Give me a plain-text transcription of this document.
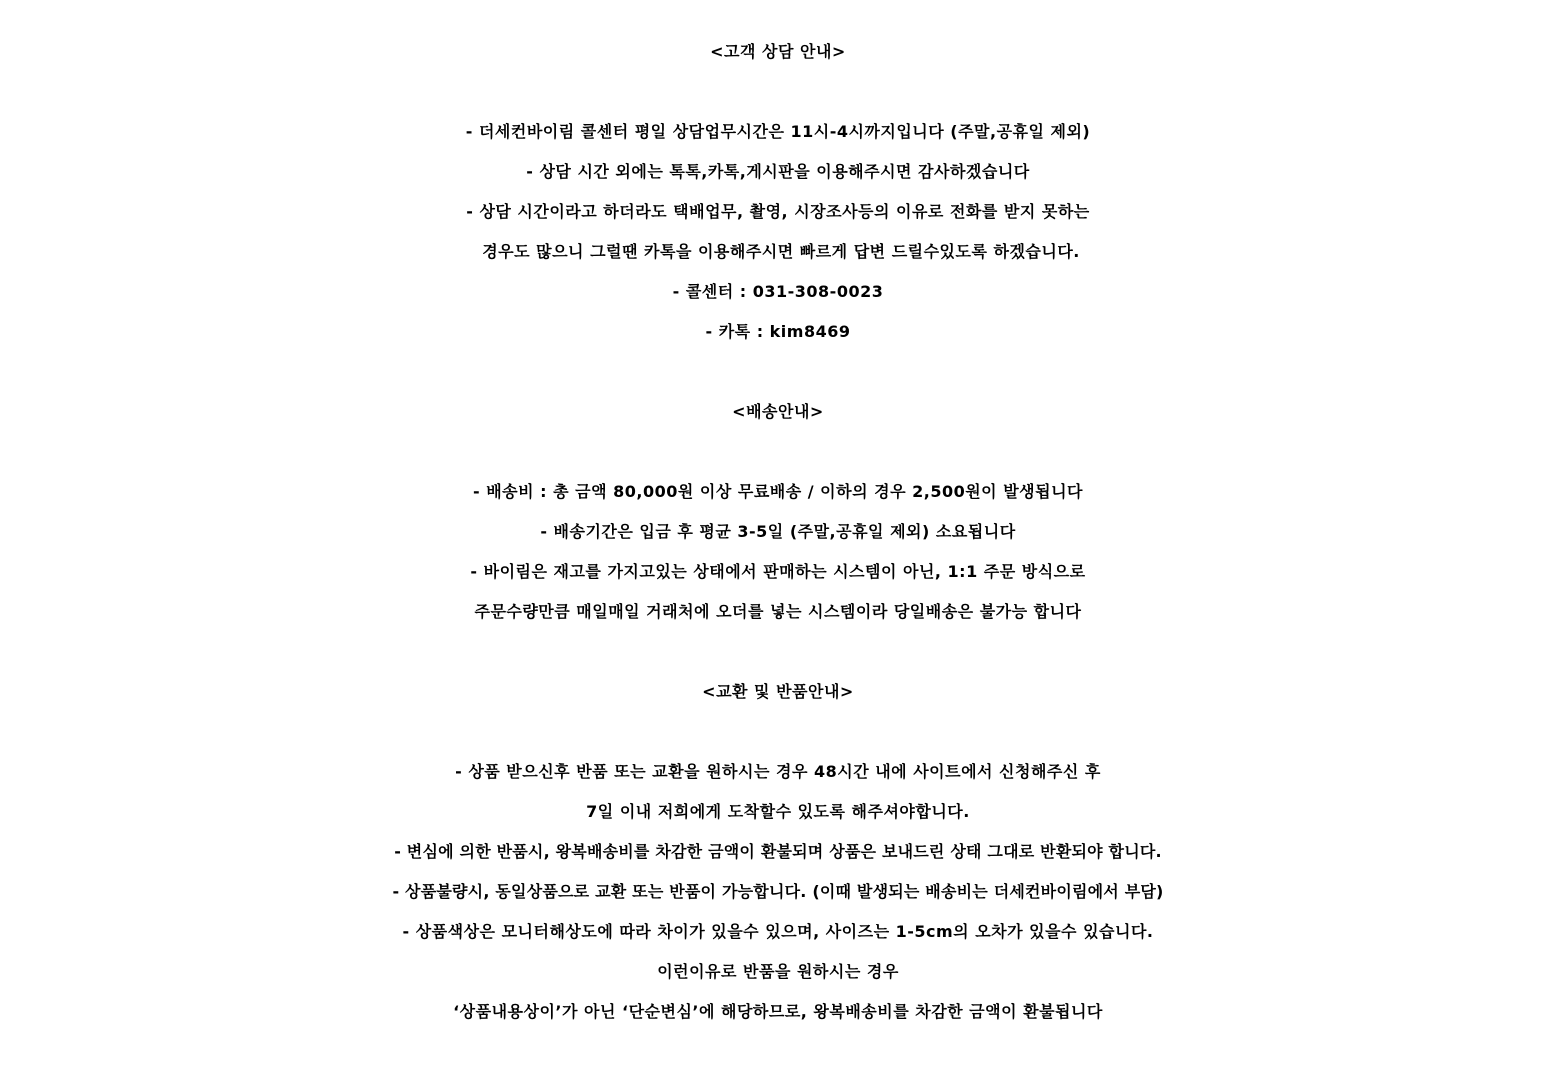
<고객 상담 안내>
- 더세컨바이림 콜센터 평일 상담업무시간은 11시-4시까지입니다 (주말,공휴일 제외)
- 상담 시간 외에는 톡톡,카톡,게시판을 이용해주시면 감사하겠습니다
- 상담 시간이라고 하더라도 택배업무, 촬영, 시장조사등의 이유로 전화를 받지 못하는
경우도 많으니 그럴땐 카톡을 이용해주시면 빠르게 답변 드릴수있도록 하겠습니다.
- 콜센터 : 031-308-0023
- 카톡 : kim8469
<배송안내>
- 배송비 : 총 금액 80,000원 이상 무료배송 / 이하의 경우 2,500원이 발생됩니다
- 배송기간은 입금 후 평균 3-5일 (주말,공휴일 제외) 소요됩니다
- 바이림은 재고를 가지고있는 상태에서 판매하는 시스템이 아닌, 1:1 주문 방식으로
주문수량만큼 매일매일 거래처에 오더를 넣는 시스템이라 당일배송은 불가능 합니다
<교환 및 반품안내>
- 상품 받으신후 반품 또는 교환을 원하시는 경우 48시간 내에 사이트에서 신청해주신 후
7일 이내 저희에게 도착할수 있도록 해주셔야합니다.
- 변심에 의한 반품시, 왕복배송비를 차감한 금액이 환불되며 상품은 보내드린 상태 그대로 반환되야 합니다.
- 상품불량시, 동일상품으로 교환 또는 반품이 가능합니다. (이때 발생되는 배송비는 더세컨바이림에서 부담)
- 상품색상은 모니터해상도에 따라 차이가 있을수 있으며, 사이즈는 1-5cm의 오차가 있을수 있습니다.
이런이유로 반품을 원하시는 경우
‘상품내용상이’가 아닌 ‘단순변심’에 해당하므로, 왕복배송비를 차감한 금액이 환불됩니다
